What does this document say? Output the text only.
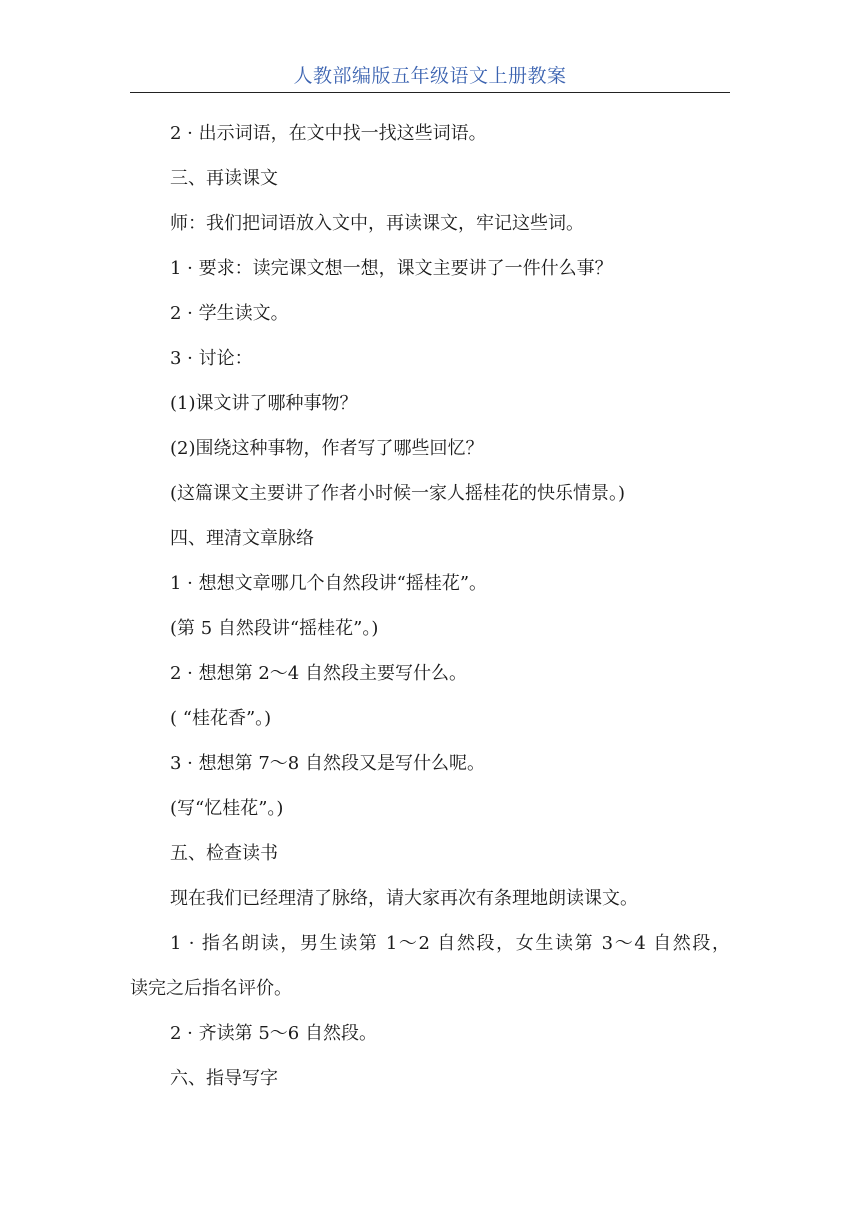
人教部编版五年级语文上册教案
2 · 出示词语，在文中找一找这些词语。
三、再读课文
师：我们把词语放入文中，再读课文，牢记这些词。
1 · 要求：读完课文想一想，课文主要讲了一件什么事？
2 · 学生读文。
3 · 讨论：
(1)课文讲了哪种事物？
(2)围绕这种事物，作者写了哪些回忆？
(这篇课文主要讲了作者小时候一家人摇桂花的快乐情景。)
四、理清文章脉络
1 · 想想文章哪几个自然段讲“摇桂花”。
(第 5 自然段讲“摇桂花”。)
2 · 想想第 2～4 自然段主要写什么。
( “桂花香”。)
3 · 想想第 7～8 自然段又是写什么呢。
(写“忆桂花”。)
五、检查读书
现在我们已经理清了脉络，请大家再次有条理地朗读课文。
1 · 指名朗读，男生读第 1～2 自然段，女生读第 3～4 自然段，
读完之后指名评价。
2 · 齐读第 5～6 自然段。
六、指导写字
